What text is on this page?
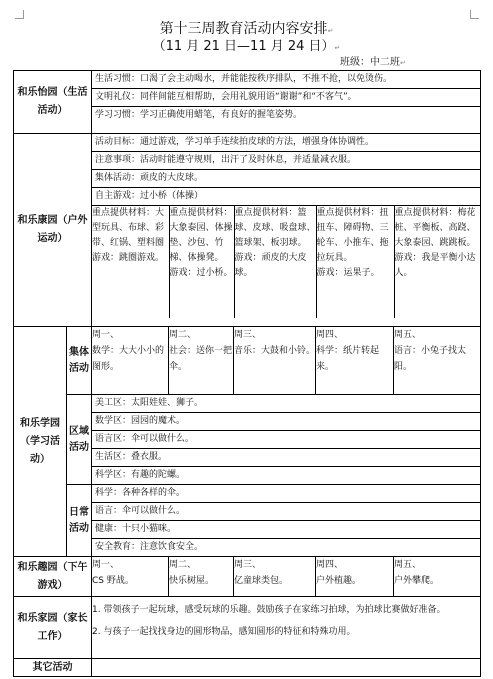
第十三周教育活动内容安排↵
（11 月 21 日—11 月 24 日）↵
班级：中二班↵
和乐怡园（生活活动）	
生活习惯：口渴了会主动喝水，并能能按秩序排队，不推不抢，以免烫伤。
文明礼仪：同伴间能互相帮助，会用礼貌用语“谢谢”和“不客气”。
学习习惯：学习正确使用蜡笔，有良好的握笔姿势。

和乐康园（户外运动）	
活动目标：通过游戏，学习单手连续拍皮球的方法，增强身体协调性。
注意事项：活动时能遵守规则，出汗了及时休息，并适量减衣服。
集体活动：顽皮的大皮球。
自主游戏：过小桥（体操）
重点提供材料：大型玩具、布球、彩带、红锅、塑料圈
游戏：跳圈游戏。

重点提供材料：大象泰园、体操垫、沙包、竹梯、体操凳。
游戏：过小桥。

重点提供材料：篮球、皮球、吸盘球、篮球架、板羽球。
游戏：顽皮的大皮球。

重点提供材料：扭扭车、障碍物、三轮车、小推车、拖拉玩具。
游戏：运果子。

重点提供材料：梅花桩、平衡板、高跷、大象泰园、跳跳板。
游戏：我是平衡小达人。

和乐学园（学习活动）	集体活动	
周一、
数学：大大小小的图形。

周二、
社会：送你一把伞。

周三、
音乐：大鼓和小铃。

周四、
科学：纸片转起来。

周五、
语言：小兔子找太阳。

区域活动	
美工区：太阳娃娃、狮子。
数学区：园园的魔术。
语言区：伞可以做什么。
生活区：叠衣服。
科学区：有趣的陀螺。

日常活动	
科学：各种各样的伞。
语言：伞可以做什么。
健康：十只小猫咪。
安全教育：注意饮食安全。

和乐趣园（下午游戏）	
周一、
CS 野战。

周二、
快乐树屋。

周三、
亿童球类包。

周四、
户外植趣。

周五、
户外攀爬。

和乐家园（家长工作）	
1. 带领孩子一起玩球，感受玩球的乐趣。鼓励孩子在家练习拍球，为拍球比赛做好准备。
2. 与孩子一起找找身边的圆形物品，感知圆形的特征和特殊功用。

其它活动	
